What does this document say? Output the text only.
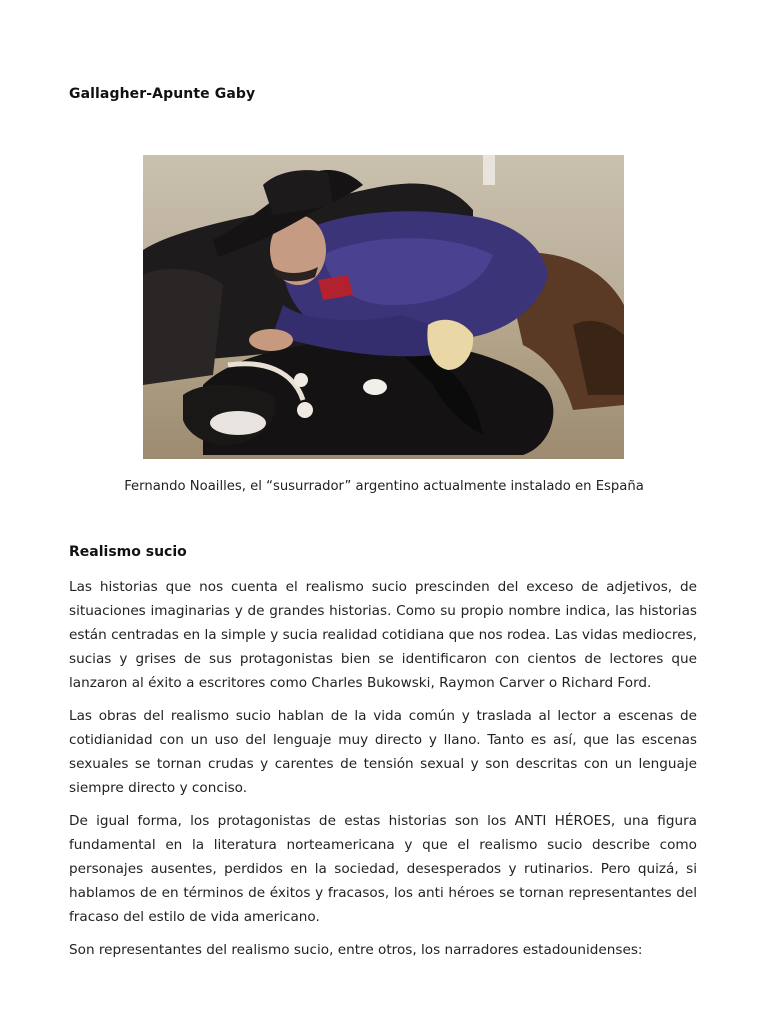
Gallagher-Apunte Gaby
Fernando Noailles, el “susurrador” argentino actualmente instalado en España
Realismo sucio

Las historias que nos cuenta el realismo sucio prescinden del exceso de adjetivos, de situaciones imaginarias y de grandes historias. Como su propio nombre indica, las historias están centradas en la simple y sucia realidad cotidiana que nos rodea. Las vidas mediocres, sucias y grises de sus protagonistas bien se identificaron con cientos de lectores que lanzaron al éxito a escritores como Charles Bukowski, Raymon Carver o Richard Ford.

Las obras del realismo sucio hablan de la vida común y traslada al lector a escenas de cotidianidad con un uso del lenguaje muy directo y llano. Tanto es así, que las escenas sexuales se tornan crudas y carentes de tensión sexual y son descritas con un lenguaje siempre directo y conciso.

De igual forma, los protagonistas de estas historias son los ANTI HÉROES, una figura fundamental en la literatura norteamericana y que el realismo sucio describe como personajes ausentes, perdidos en la sociedad, desesperados y rutinarios. Pero quizá, si hablamos de en términos de éxitos y fracasos, los anti héroes se tornan representantes del fracaso del estilo de vida americano.

Son representantes del realismo sucio, entre otros, los narradores estadounidenses:
